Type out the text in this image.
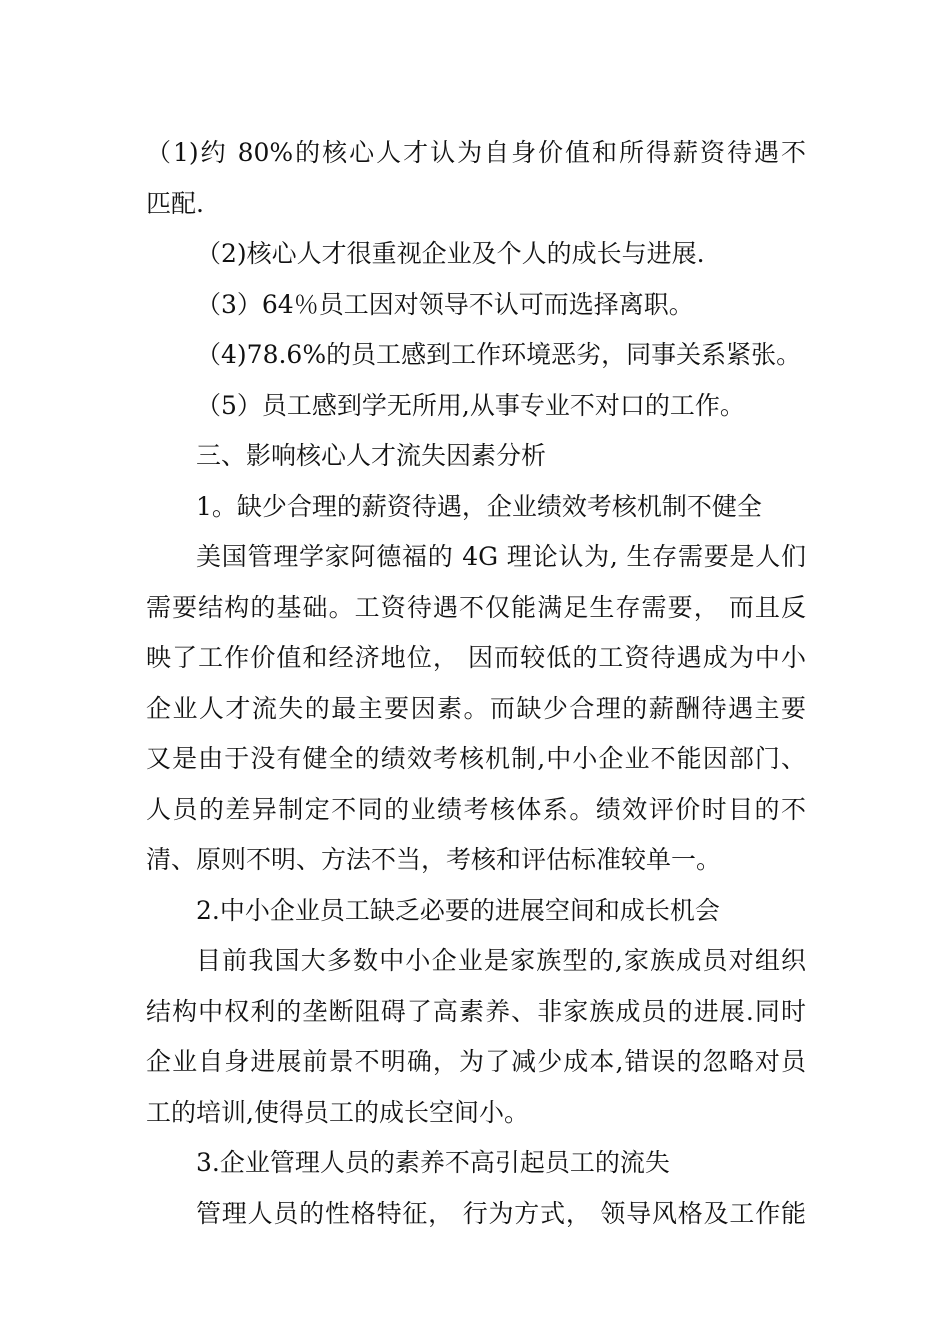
（1)约 80%的核心人才认为自身价值和所得薪资待遇不
匹配.
（2)核心人才很重视企业及个人的成长与进展.
（3）64％员工因对领导不认可而选择离职。
（4)78.6%的员工感到工作环境恶劣，同事关系紧张。
（5）员工感到学无所用,从事专业不对口的工作。
三、影响核心人才流失因素分析
1。缺少合理的薪资待遇，企业绩效考核机制不健全
美国管理学家阿德福的 4G 理论认为, 生存需要是人们
需要结构的基础。工资待遇不仅能满足生存需要， 而且反
映了工作价值和经济地位， 因而较低的工资待遇成为中小
企业人才流失的最主要因素。而缺少合理的薪酬待遇主要
又是由于没有健全的绩效考核机制,中小企业不能因部门、
人员的差异制定不同的业绩考核体系。绩效评价时目的不
清、原则不明、方法不当，考核和评估标准较单一。
2.中小企业员工缺乏必要的进展空间和成长机会
目前我国大多数中小企业是家族型的,家族成员对组织
结构中权利的垄断阻碍了高素养、非家族成员的进展.同时
企业自身进展前景不明确，为了减少成本,错误的忽略对员
工的培训,使得员工的成长空间小。
3.企业管理人员的素养不高引起员工的流失
管理人员的性格特征， 行为方式， 领导风格及工作能
